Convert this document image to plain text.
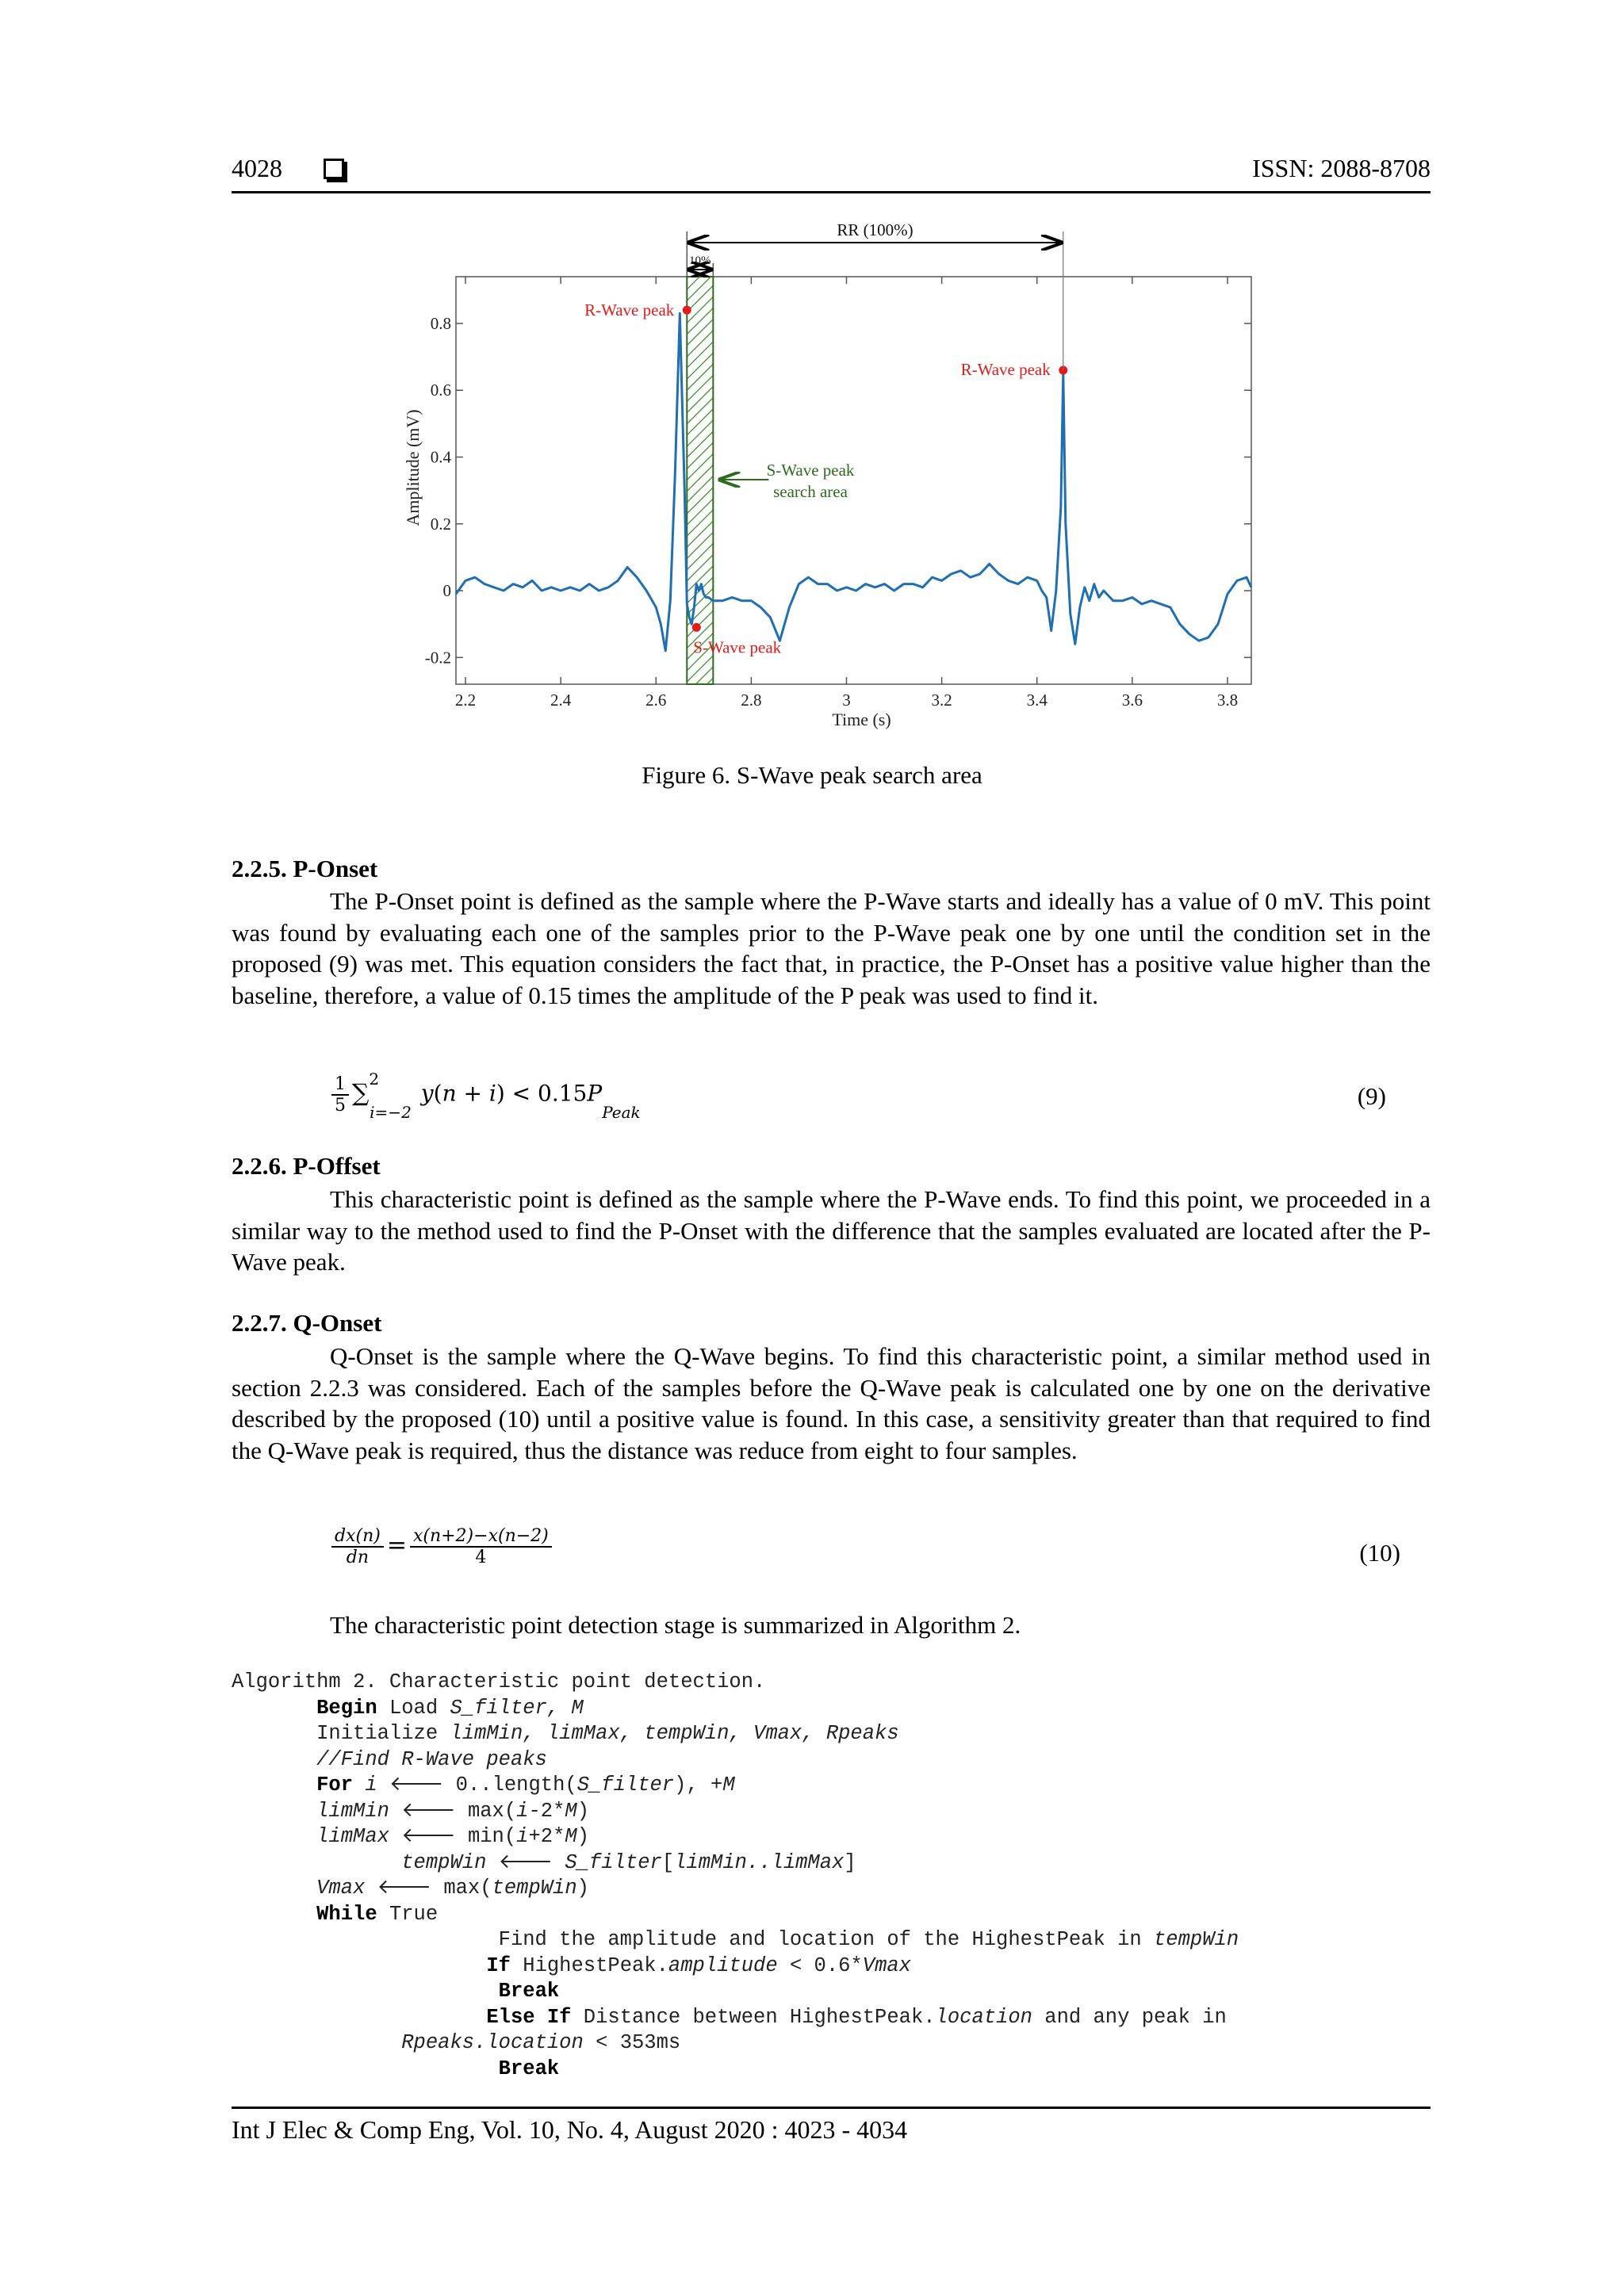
4028	ISSN: 2088-8708
2.2	2.4	2.6	2.8	3	3.2	3.4	3.6	3.8
-0.2
0
0.2
0.4
0.6
0.8
Time (s)
Amplitude (mV)
R-Wave peak
R-Wave peak
S-Wave peak
RR (100%)
10%
S-Wave peak
search area
Figure 6. S-Wave peak search area
2.2.5. P-Onset
The P-Onset point is defined as the sample where the P-Wave starts and ideally has a value of 0 mV. This point was found by evaluating each one of the samples prior to the P-Wave peak one by one until the condition set in the proposed (9) was met. This equation considers the fact that, in practice, the P-Onset has a positive value higher than the baseline, therefore, a value of 0.15 times the amplitude of the P peak was used to find it.
$\frac{1}{5} \sum^2_{i=-2}y(n + i) < 0.15P_{Peak}$
(9)
2.2.6. P-Offset
This characteristic point is defined as the sample where the P-Wave ends. To find this point, we proceeded in a similar way to the method used to find the P-Onset with the difference that the samples evaluated are located after the P-Wave peak.
2.2.7. Q-Onset
Q-Onset is the sample where the Q-Wave begins. To find this characteristic point, a similar method used in section 2.2.3 was considered. Each of the samples before the Q-Wave peak is calculated one by one on the derivative described by the proposed (10) until a positive value is found. In this case, a sensitivity greater than that required to find the Q-Wave peak is required, thus the distance was reduce from eight to four samples.
$\frac{dx(n)}{dn} = \frac{x(n+2)-x(n-2)}{4}$	(10)
The characteristic point detection stage is summarized in Algorithm 2.
Algorithm 2. Characteristic point detection.
Begin Load S_filter, M
Initialize limMin, limMax, tempWin, Vmax, Rpeaks
//Find R-Wave peaks
For i 🡐 0..length(S_filter), +M
limMin 🡐 max(i-2*M)
limMax 🡐 min(i+2*M)
tempWin 🡐 S_filter[limMin..limMax]
Vmax 🡐 max(tempWin)
While True
Find the amplitude and location of the HighestPeak in tempWin
If HighestPeak.amplitude < 0.6*Vmax
Break
Else If Distance between HighestPeak.location and any peak in
Rpeaks.location < 353ms
Break
Int J Elec & Comp Eng, Vol. 10, No. 4, August 2020 : 4023 - 4034
